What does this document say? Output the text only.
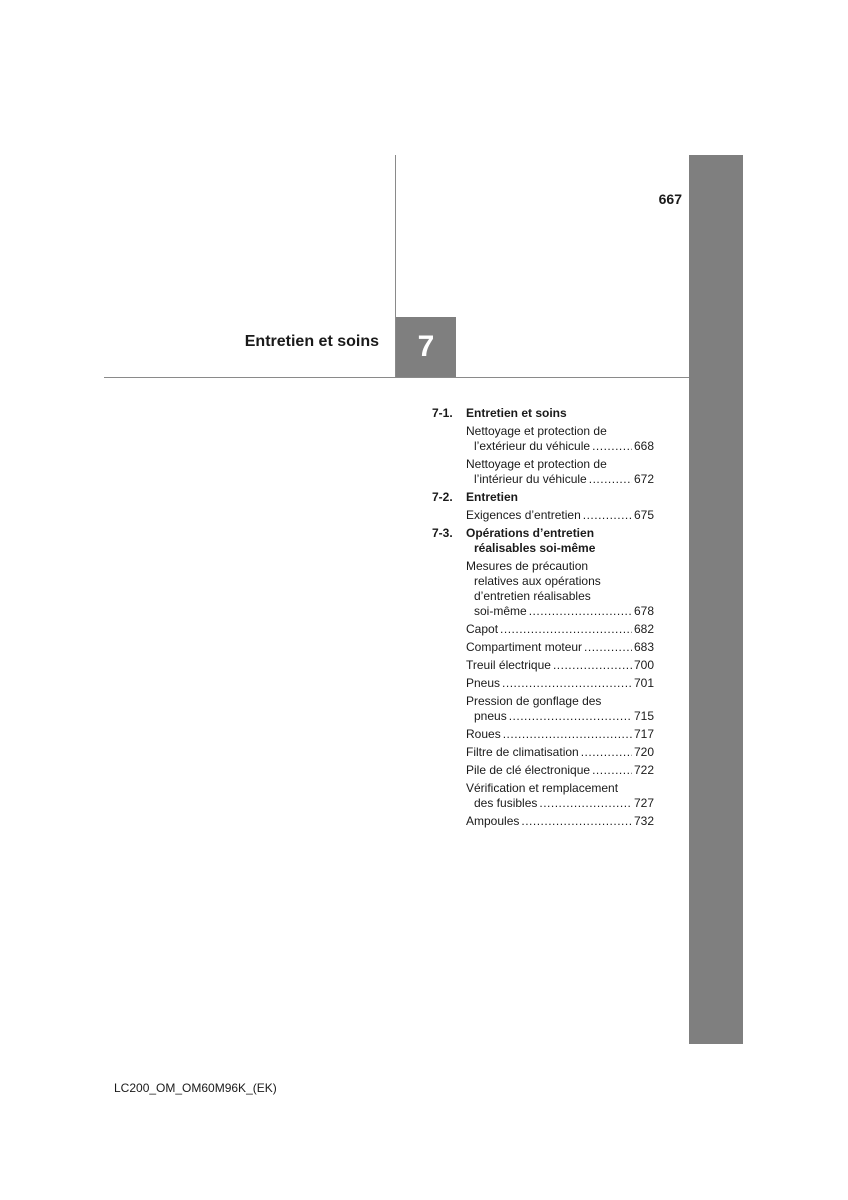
667
Entretien et soins	7
7-1. Entretien et soins
Nettoyage et protection de
l’extérieur du véhicule .....	668
Nettoyage et protection de
l’intérieur du véhicule .....	672
7-2. Entretien
Exigences d’entretien .....	675
7-3. Opérations d’entretien
réalisables soi-même
Mesures de précaution
relatives aux opérations
d’entretien réalisables
soi-même .....	678
Capot .....	682
Compartiment moteur .....	683
Treuil électrique .....	700
Pneus .....	701
Pression de gonflage des
pneus .....	715
Roues .....	717
Filtre de climatisation .....	720
Pile de clé électronique .....	722
Vérification et remplacement
des fusibles .....	727
Ampoules .....	732
LC200_OM_OM60M96K_(EK)
